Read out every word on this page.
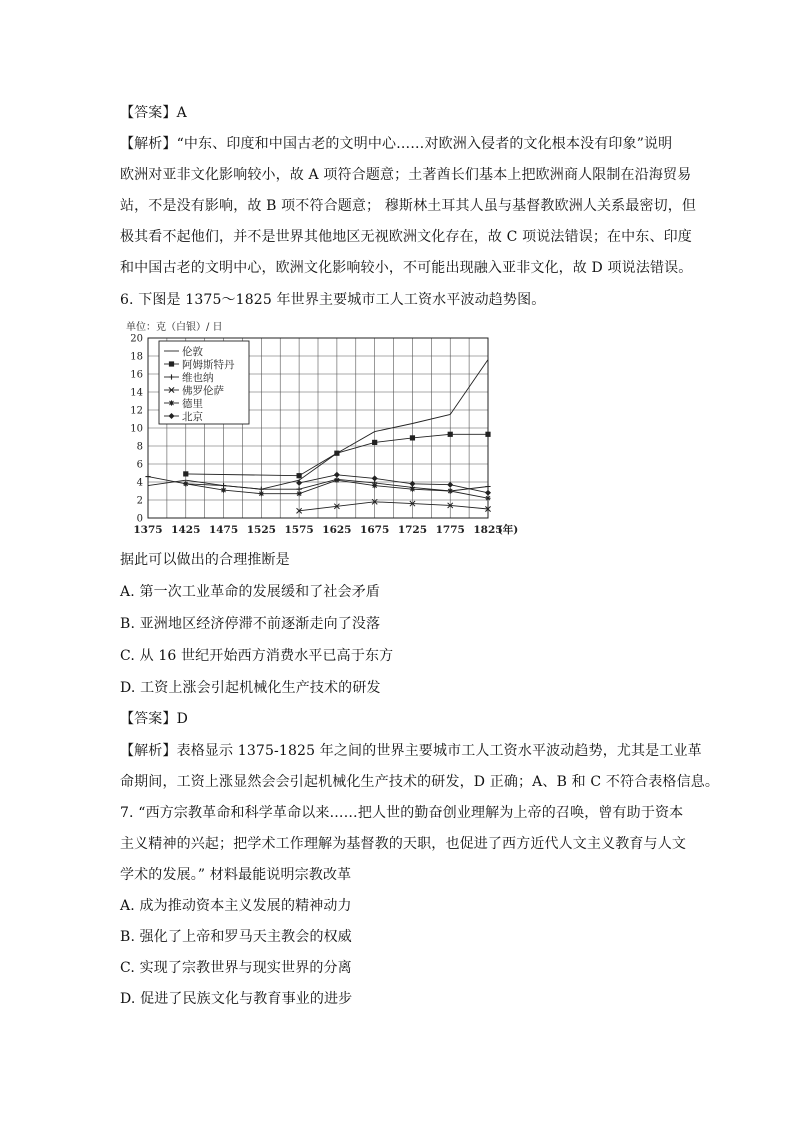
【答案】A
【解析】“中东、印度和中国古老的文明中心……对欧洲入侵者的文化根本没有印象”说明
欧洲对亚非文化影响较小，故 A 项符合题意；土著酋长们基本上把欧洲商人限制在沿海贸易
站，不是没有影响，故 B 项不符合题意； 穆斯林土耳其人虽与基督教欧洲人关系最密切，但
极其看不起他们，并不是世界其他地区无视欧洲文化存在，故 C 项说法错误；在中东、印度
和中国古老的文明中心，欧洲文化影响较小，不可能出现融入亚非文化，故 D 项说法错误。
6. 下图是 1375～1825 年世界主要城市工人工资水平波动趋势图。
单位：克（白银）/ 日
0
2
4
6
8
10
12
14
16
18
20
1375 1425 1475 1525 1575 1625 1675 1725 1775 1825
(年)
伦敦
阿姆斯特丹
维也纳
佛罗伦萨
德里
北京
据此可以做出的合理推断是
A. 第一次工业革命的发展缓和了社会矛盾
B. 亚洲地区经济停滞不前逐渐走向了没落
C. 从 16 世纪开始西方消费水平已高于东方
D. 工资上涨会引起机械化生产技术的研发
【答案】D
【解析】表格显示 1375-1825 年之间的世界主要城市工人工资水平波动趋势，尤其是工业革
命期间，工资上涨显然会会引起机械化生产技术的研发，D 正确；A、B 和 C 不符合表格信息。
7. “西方宗教革命和科学革命以来……把人世的勤奋创业理解为上帝的召唤，曾有助于资本
主义精神的兴起；把学术工作理解为基督教的天职，也促进了西方近代人文主义教育与人文
学术的发展。” 材料最能说明宗教改革
A. 成为推动资本主义发展的精神动力
B. 强化了上帝和罗马天主教会的权威
C. 实现了宗教世界与现实世界的分离
D. 促进了民族文化与教育事业的进步
